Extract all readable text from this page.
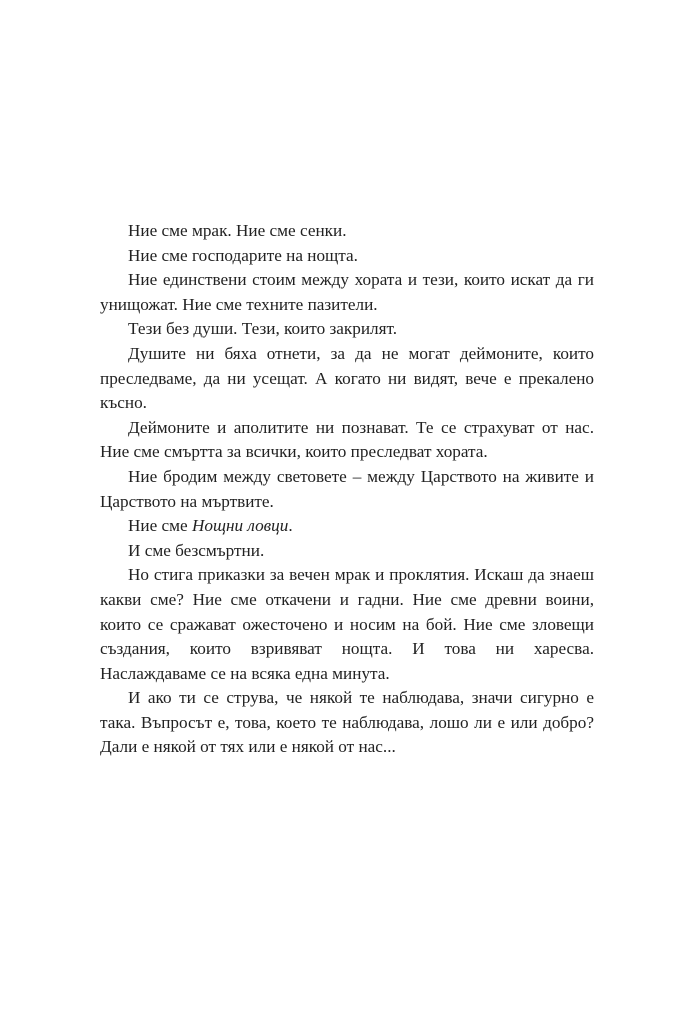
Ние сме мрак. Ние сме сенки.

Ние сме господарите на нощта.

Ние единствени стоим между хората и тези, които искат да ги унищожат. Ние сме техните пазители.

Тези без души. Тези, които закрилят.

Душите ни бяха отнети, за да не могат деймоните, които преследваме, да ни усещат. А когато ни видят, вече е прекалено късно.

Деймоните и аполитите ни познават. Те се страхуват от нас. Ние сме смъртта за всички, които преследват хората.

Ние бродим между световете – между Царството на живите и Царството на мъртвите.

Ние сме Нощни ловци.

И сме безсмъртни.

Но стига приказки за вечен мрак и проклятия. Искаш да знаеш какви сме? Ние сме откачени и гадни. Ние сме древни воини, които се сражават ожесточено и носим на бой. Ние сме зловещи създания, които взривяват нощта. И това ни харесва. Наслаждаваме се на всяка една минута.

И ако ти се струва, че някой те наблюдава, значи сигурно е така. Въпросът е, това, което те наблюдава, лошо ли е или добро? Дали е някой от тях или е някой от нас...
